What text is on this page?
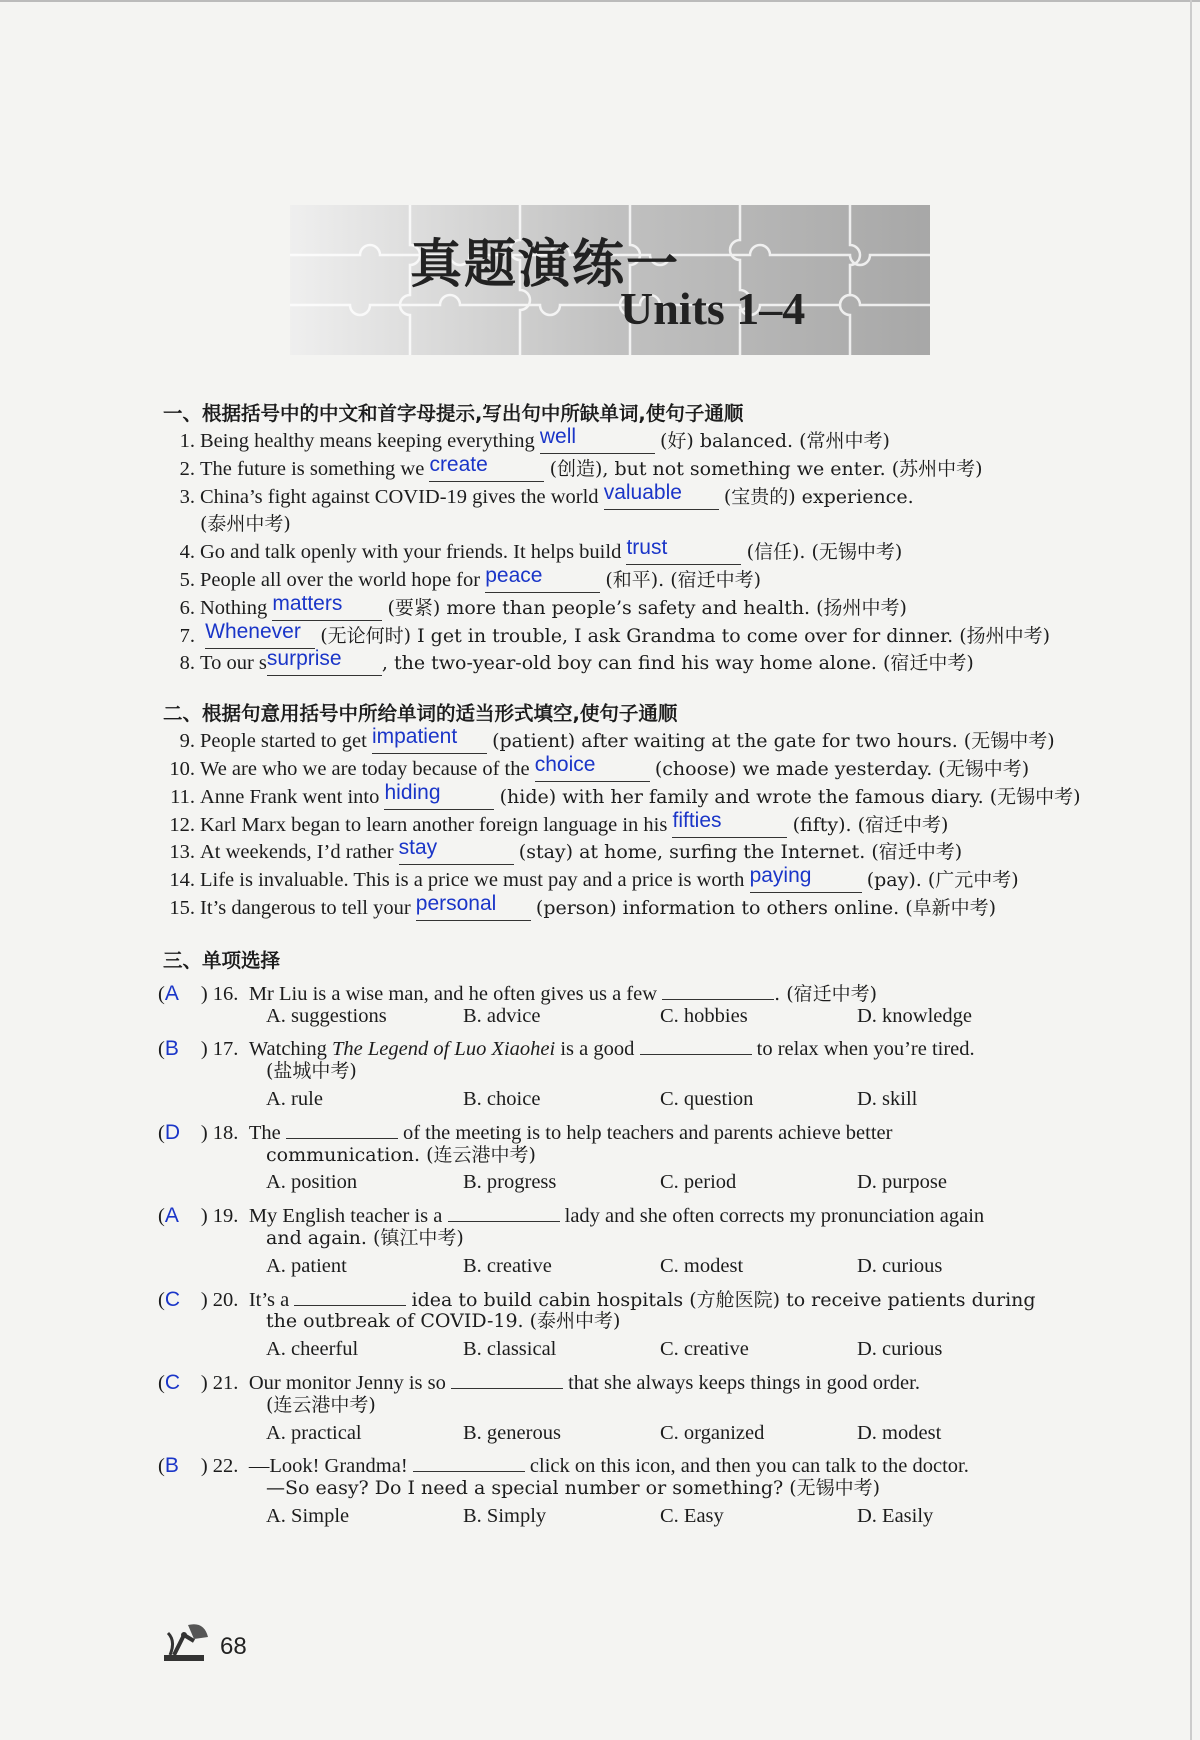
真题演练一
Units 1–4
一、根据括号中的中文和首字母提示,写出句中所缺单词,使句子通顺
1. Being healthy means keeping everything well	(好) balanced. (常州中考)
2. The future is something we create	(创造), but not something we enter. (苏州中考)
3. China’s fight against COVID-19 gives the world valuable (宝贵的) experience.
(泰州中考)
4. Go and talk openly with your friends. It helps build trust	(信任). (无锡中考)
5. People all over the world hope for peace	(和平). (宿迁中考)
6. Nothing matters (要紧) more than people’s safety and health. (扬州中考)
7. Whenever (无论何时) I get in trouble, I ask Grandma to come over for dinner. (扬州中考)
8. To our ssurprise , the two-year-old boy can find his way home alone. (宿迁中考)
二、根据句意用括号中所给单词的适当形式填空,使句子通顺
9. People started to get impatient (patient) after waiting at the gate for two hours. (无锡中考)
10. We are who we are today because of the choice	(choose) we made yesterday. (无锡中考)
11. Anne Frank went into hiding	(hide) with her family and wrote the famous diary. (无锡中考)
12. Karl Marx began to learn another foreign language in his fifties	(fifty). (宿迁中考)
13. At weekends, I’d rather stay	(stay) at home, surfing the Internet. (宿迁中考)
14. Life is invaluable. This is a price we must pay and a price is worth paying	(pay). (广元中考)
15. It’s dangerous to tell your personal (person) information to others online. (阜新中考)
三、单项选择
(A ) 16. Mr Liu is a wise man, and he often gives us a few	. (宿迁中考)
A. suggestions	B. advice	C. hobbies	D. knowledge
(B ) 17. Watching The Legend of Luo Xiaohei is a good	to relax when you’re tired.
(盐城中考)
A. rule	B. choice	C. question	D. skill
(D ) 18. The	of the meeting is to help teachers and parents achieve better
communication. (连云港中考)
A. position	B. progress	C. period	D. purpose
(A ) 19. My English teacher is a	lady and she often corrects my pronunciation again
and again. (镇江中考)
A. patient	B. creative	C. modest	D. curious
(C ) 20. It’s a	idea to build cabin hospitals (方舱医院) to receive patients during
the outbreak of COVID-19. (泰州中考)
A. cheerful	B. classical	C. creative	D. curious
(C ) 21. Our monitor Jenny is so	that she always keeps things in good order.
(连云港中考)
A. practical	B. generous	C. organized	D. modest
(B ) 22. —Look! Grandma!	click on this icon, and then you can talk to the doctor.
—So easy? Do I need a special number or something? (无锡中考)
A. Simple	B. Simply	C. Easy	D. Easily
68
